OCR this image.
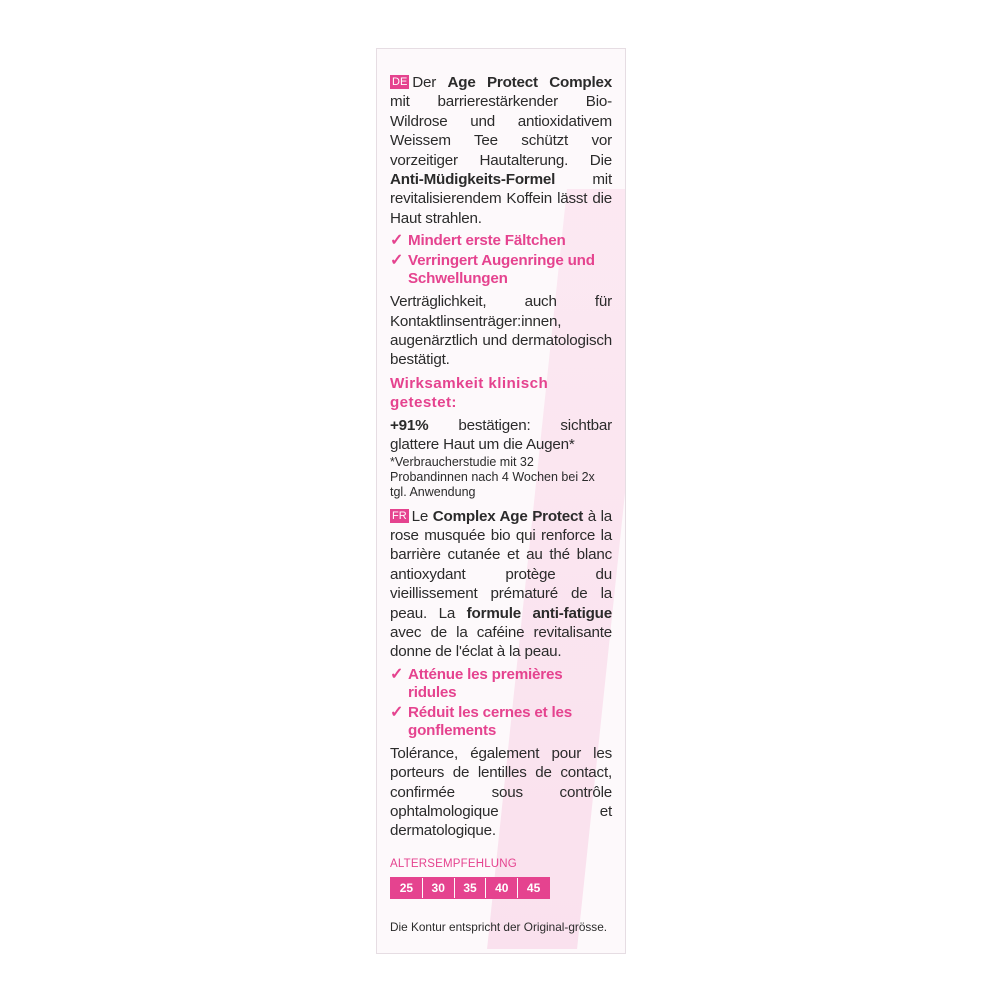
DE Der Age Protect Complex mit barrierestärkender Bio-Wildrose und antioxidativem Weissem Tee schützt vor vorzeitiger Hautalterung. Die Anti-Müdigkeits-Formel mit revitalisierendem Koffein lässt die Haut strahlen.

✓ Mindert erste Fältchen
✓ Verringert Augenringe und Schwellungen

Verträglichkeit, auch für Kontaktlinsenträger:innen, augenärztlich und dermatologisch bestätigt.

Wirksamkeit klinisch getestet:

+91% bestätigen: sichtbar glattere Haut um die Augen*

*Verbraucherstudie mit 32 Probandinnen nach 4 Wochen bei 2x tgl. Anwendung

FR Le Complex Age Protect à la rose musquée bio qui renforce la barrière cutanée et au thé blanc antioxydant protège du vieillissement prématuré de la peau. La formule anti-fatigue avec de la caféine revitalisante donne de l'éclat à la peau.

✓ Atténue les premières ridules
✓ Réduit les cernes et les gonflements

Tolérance, également pour les porteurs de lentilles de contact, confirmée sous contrôle ophtalmologique et dermatologique.

ALTERSEMPFEHLUNG
25	30	35	40	45
Die Kontur entspricht der Original-grösse.
